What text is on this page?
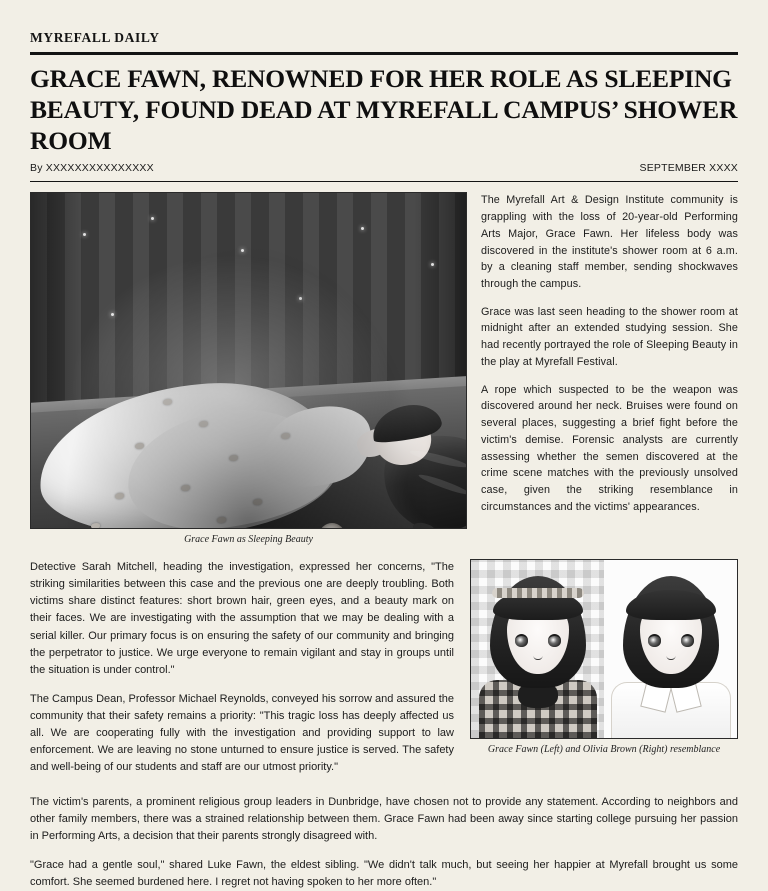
MYREFALL DAILY
GRACE FAWN, RENOWNED FOR HER ROLE AS SLEEPING BEAUTY, FOUND DEAD AT MYREFALL CAMPUS’ SHOWER ROOM
By XXXXXXXXXXXXXXX	SEPTEMBER XXXX
Grace Fawn as Sleeping Beauty

The Myrefall Art & Design Institute community is grappling with the loss of 20-year-old Performing Arts Major, Grace Fawn. Her lifeless body was discovered in the institute's shower room at 6 a.m. by a cleaning staff member, sending shockwaves through the campus.

Grace was last seen heading to the shower room at midnight after an extended studying session. She had recently portrayed the role of Sleeping Beauty in the play at Myrefall Festival.

A rope which suspected to be the weapon was discovered around her neck. Bruises were found on several places, suggesting a brief fight before the victim's demise. Forensic analysts are currently assessing whether the semen discovered at the crime scene matches with the previously unsolved case, given the striking resemblance in circumstances and the victims' appearances.

Detective Sarah Mitchell, heading the investigation, expressed her concerns, "The striking similarities between this case and the previous one are deeply troubling. Both victims share distinct features: short brown hair, green eyes, and a beauty mark on their faces. We are investigating with the assumption that we may be dealing with a serial killer. Our primary focus is on ensuring the safety of our community and bringing the perpetrator to justice. We urge everyone to remain vigilant and stay in groups until the situation is under control."

The Campus Dean, Professor Michael Reynolds, conveyed his sorrow and assured the community that their safety remains a priority: "This tragic loss has deeply affected us all. We are cooperating fully with the investigation and providing support to law enforcement. We are leaving no stone unturned to ensure justice is served. The safety and well-being of our students and staff are our utmost priority."

Grace Fawn (Left) and Olivia Brown (Right) resemblance

The victim's parents, a prominent religious group leaders in Dunbridge, have chosen not to provide any statement. According to neighbors and other family members, there was a strained relationship between them. Grace Fawn had been away since starting college pursuing her passion in Performing Arts, a decision that their parents strongly disagreed with.

"Grace had a gentle soul," shared Luke Fawn, the eldest sibling. "We didn't talk much, but seeing her happier at Myrefall brought us some comfort. She seemed burdened here. I regret not having spoken to her more often."
